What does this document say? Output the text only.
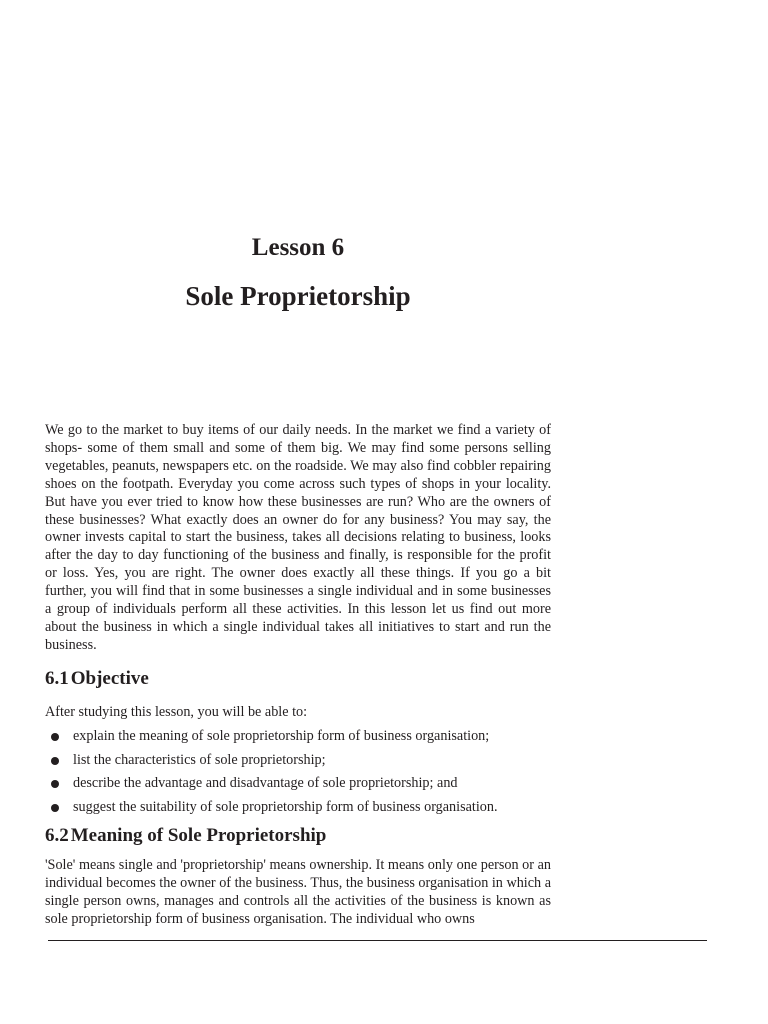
Lesson 6
Sole Proprietorship

We go to the market to buy items of our daily needs. In the market we find a variety of shops- some of them small and some of them big. We may find some persons selling vegetables, peanuts, newspapers etc. on the roadside. We may also find cobbler repairing shoes on the footpath. Everyday you come across such types of shops in your locality. But have you ever tried to know how these businesses are run? Who are the owners of these businesses? What exactly does an owner do for any business? You may say, the owner invests capital to start the business, takes all decisions relating to business, looks after the day to day functioning of the business and finally, is responsible for the profit or loss. Yes, you are right. The owner does exactly all these things. If you go a bit further, you will find that in some businesses a single individual and in some businesses a group of individuals perform all these activities. In this lesson let us find out more about the business in which a single individual takes all initiatives to start and run the business.

6.1 Objective

After studying this lesson, you will be able to:

explain the meaning of sole proprietorship form of business organisation;
list the characteristics of sole proprietorship;
describe the advantage and disadvantage of sole proprietorship; and
suggest the suitability of sole proprietorship form of business organisation.
6.2 Meaning of Sole Proprietorship

'Sole' means single and 'proprietorship' means ownership. It means only one person or an individual becomes the owner of the business. Thus, the business organisation in which a single person owns, manages and controls all the activities of the business is known as sole proprietorship form of business organisation. The individual who owns
